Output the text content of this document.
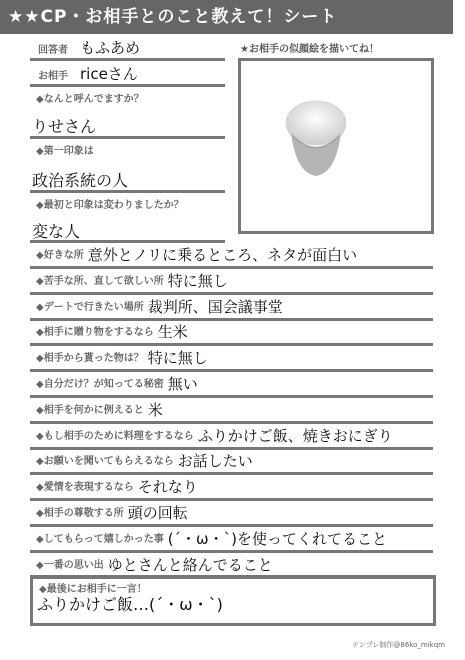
★★CP・お相手とのこと教えて！シート
回答者 もふあめ
お相手 riceさん
◆なんと呼んでますか？
りせさん
◆第一印象は
政治系統の人
◆最初と印象は変わりましたか？
変な人
★お相手の似顔絵を描いてね！
◆好きな所 意外とノリに乗るところ、ネタが面白い
◆苦手な所、直して欲しい所 特に無し
◆デートで行きたい場所 裁判所、国会議事堂
◆相手に贈り物をするなら 生米
◆相手から貰った物は？ 特に無し
◆自分だけ？が知ってる秘密 無い
◆相手を何かに例えると 米
◆もし相手のために料理をするなら ふりかけご飯、焼きおにぎり
◆お願いを聞いてもらえるなら お話したい
◆愛情を表現するなら それなり
◆相手の尊敬する所 頭の回転
◆してもらって嬉しかった事 (´・ω・`)を使ってくれてること
◆一番の思い出 ゆとさんと絡んでること
◆最後にお相手に一言！
ふりかけご飯…(´・ω・`)
テンプレ制作@86ko_mikqm
